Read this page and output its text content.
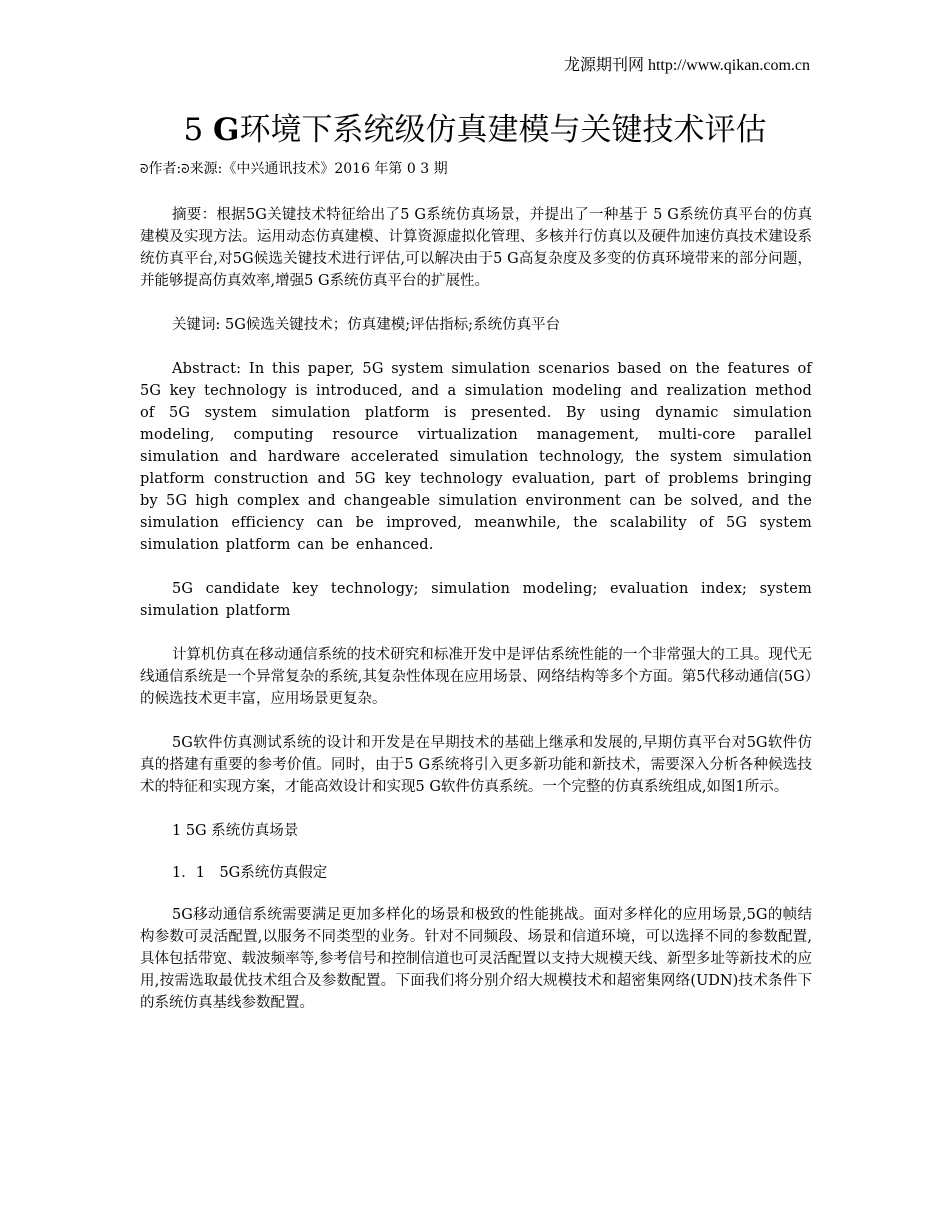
龙源期刊网 http://www.qikan.com.cn
5 G环境下系统级仿真建模与关键技术评估
ᘐ作者:ᘐ来源:《中兴通讯技术》2016 年第 0 3 期

摘要：根据5G关键技术特征给出了5 G系统仿真场景，并提出了一种基于 5 G系统仿真平台的仿真建模及实现方法。运用动态仿真建模、计算资源虚拟化管理、多核并行仿真以及硬件加速仿真技术建设系统仿真平台,对5G候选关键技术进行评估,可以解决由于5 G高复杂度及多变的仿真环境带来的部分问题，并能够提高仿真效率,增强5 G系统仿真平台的扩展性。

关键词: 5G候选关键技术；仿真建模;评估指标;系统仿真平台

Abstract: In this paper, 5G system simulation scenarios based on the features of 5G key technology is introduced, and a simulation modeling and realization method of 5G system simulation platform is presented. By using dynamic simulation modeling, computing resource virtualization management, multi-core parallel simulation and hardware accelerated simulation technology, the system simulation platform construction and 5G key technology evaluation, part of problems bringing by 5G high complex and changeable simulation environment can be solved, and the simulation efficiency can be improved, meanwhile, the scalability of 5G system simulation platform can be enhanced.

5G candidate key technology; simulation modeling; evaluation index; system simulation platform

计算机仿真在移动通信系统的技术研究和标准开发中是评估系统性能的一个非常强大的工具。现代无线通信系统是一个异常复杂的系统,其复杂性体现在应用场景、网络结构等多个方面。第5代移动通信(5G）的候选技术更丰富，应用场景更复杂。

5G软件仿真测试系统的设计和开发是在早期技术的基础上继承和发展的,早期仿真平台对5G软件仿真的搭建有重要的参考价值。同时，由于5 G系统将引入更多新功能和新技术，需要深入分析各种候选技术的特征和实现方案，才能高效设计和实现5 G软件仿真系统。一个完整的仿真系统组成,如图1所示。

1 5G 系统仿真场景

1．1　5G系统仿真假定

5G移动通信系统需要满足更加多样化的场景和极致的性能挑战。面对多样化的应用场景,5G的帧结构参数可灵活配置,以服务不同类型的业务。针对不同频段、场景和信道环境，可以选择不同的参数配置,具体包括带宽、载波频率等,参考信号和控制信道也可灵活配置以支持大规模天线、新型多址等新技术的应用,按需选取最优技术组合及参数配置。下面我们将分别介绍大规模技术和超密集网络(UDN)技术条件下的系统仿真基线参数配置。
